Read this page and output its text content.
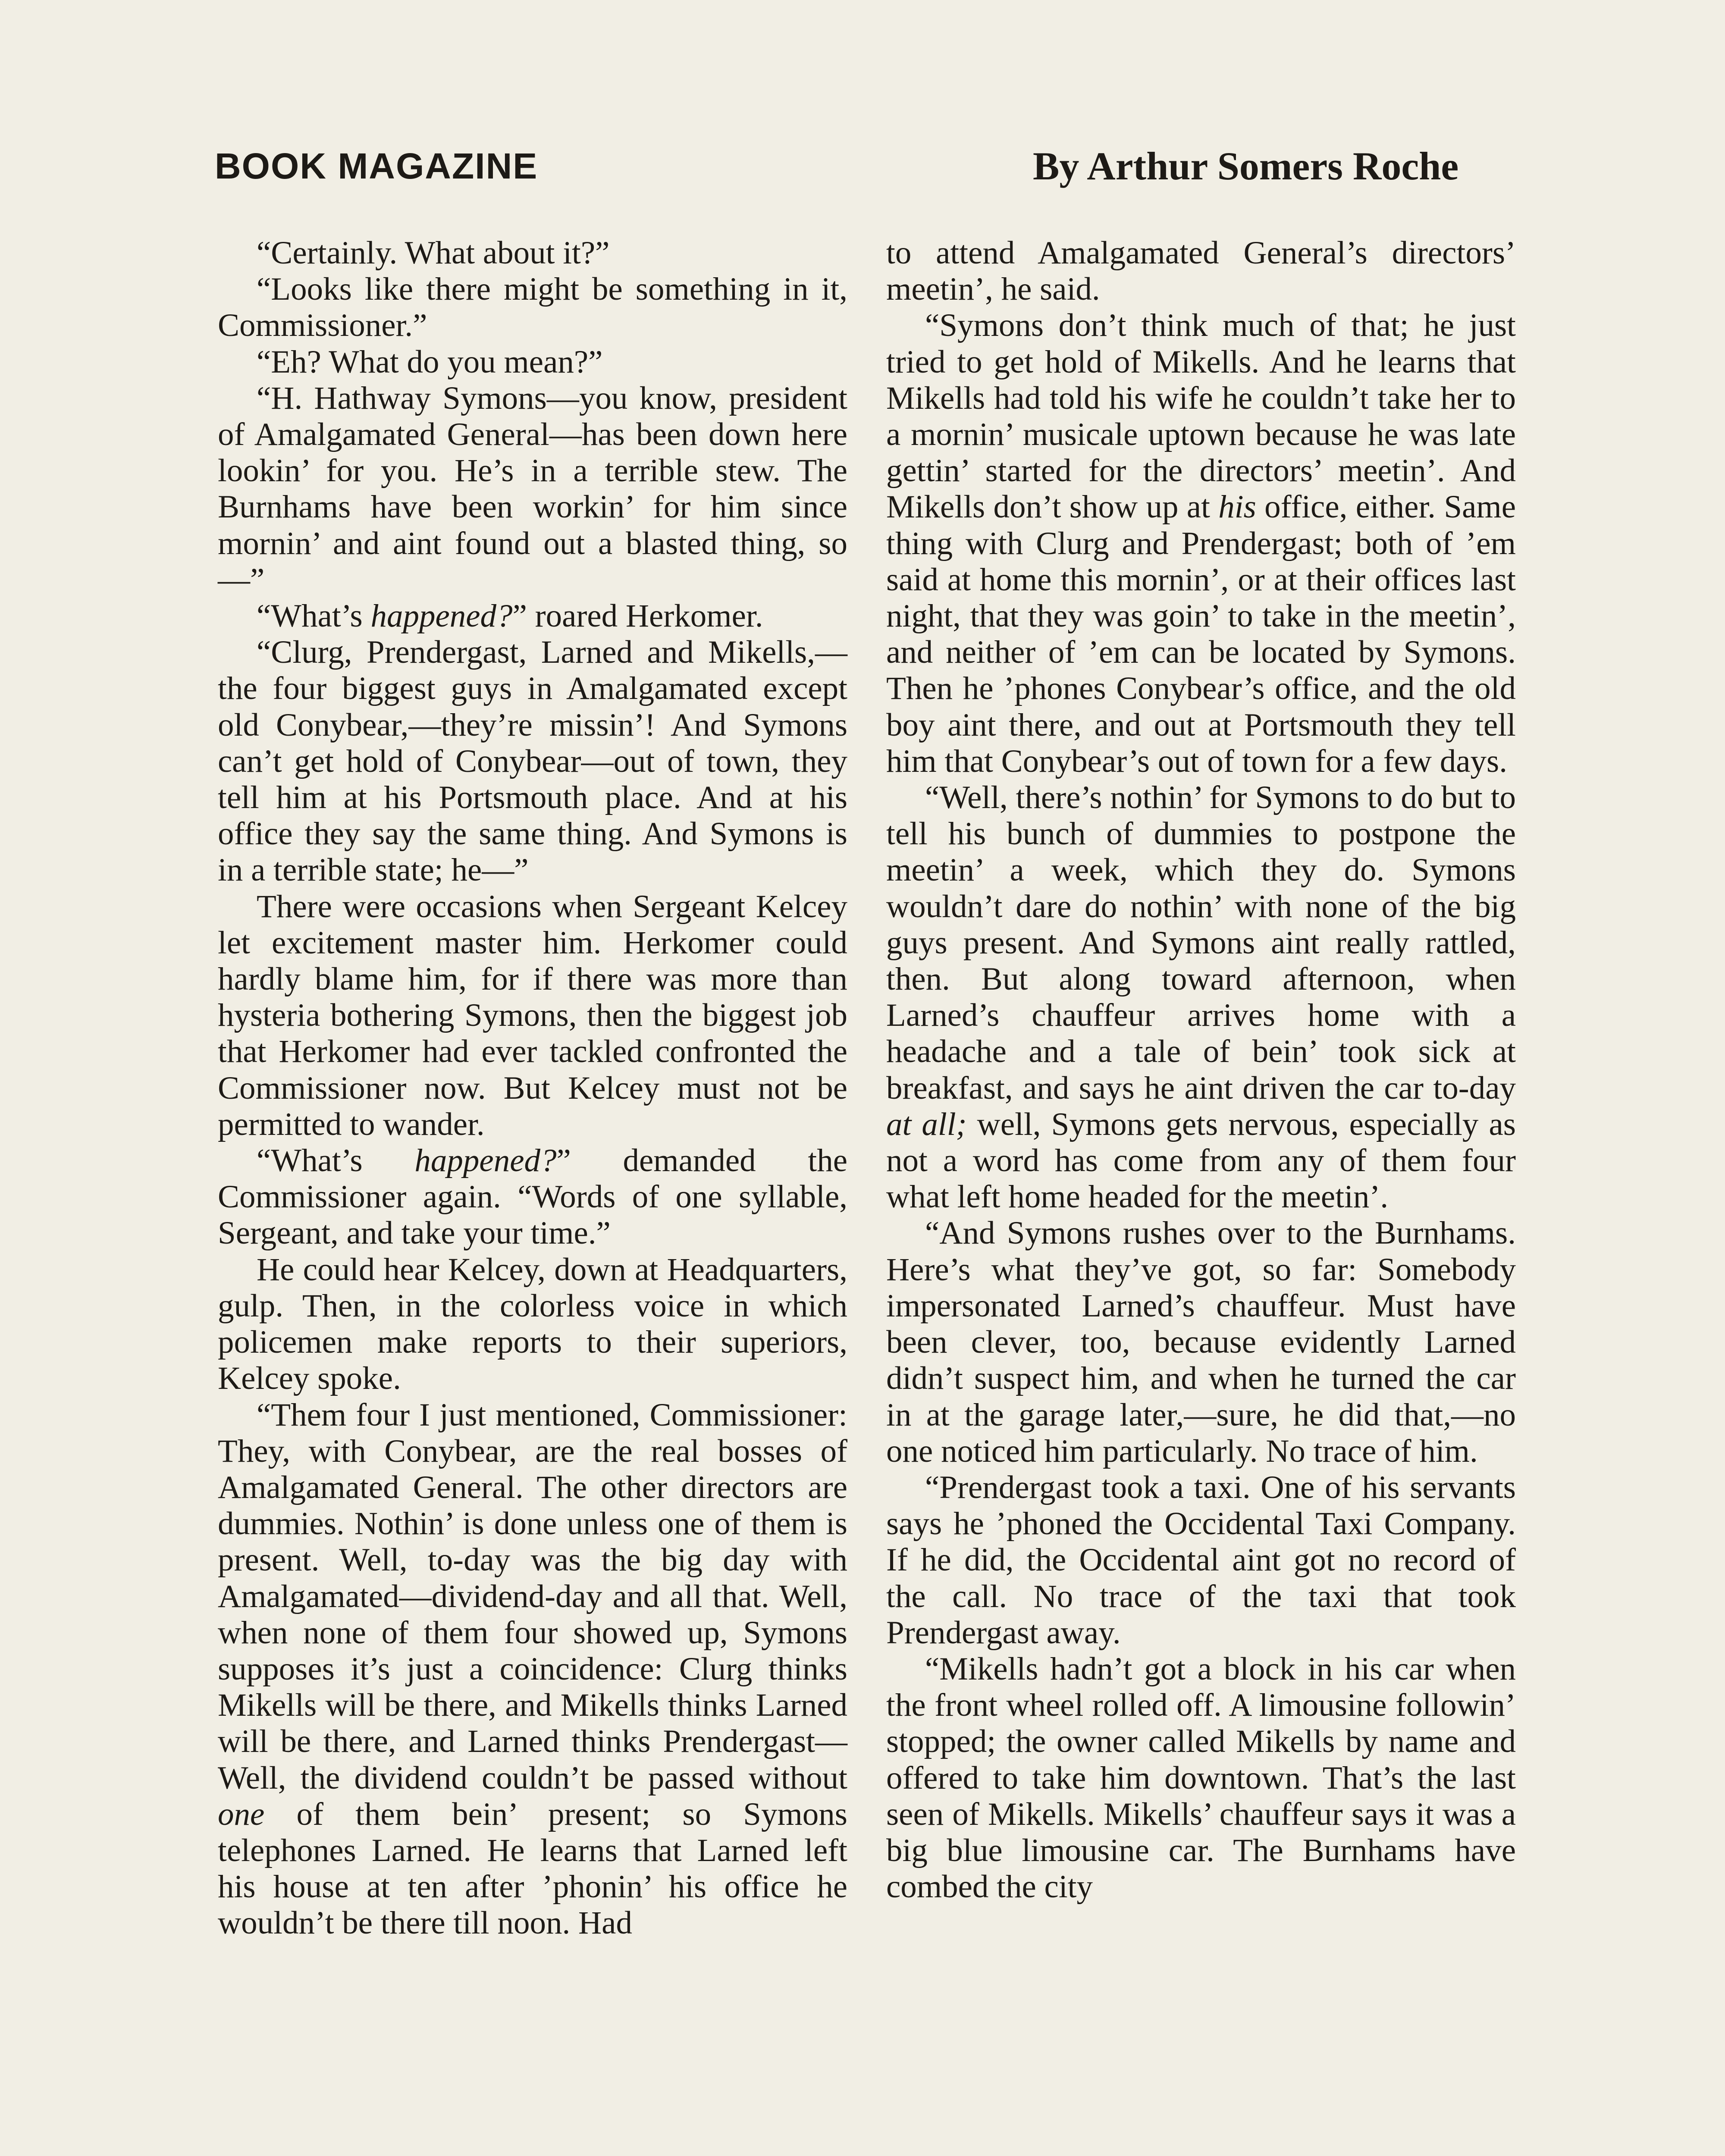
BOOK MAGAZINE	By Arthur Somers Roche

“Certainly. What about it?”

“Looks like there might be something in it, Commissioner.”

“Eh? What do you mean?”

“H. Hathway Symons—you know, president of Amalgamated General—has been down here lookin’ for you. He’s in a terrible stew. The Burnhams have been workin’ for him since mornin’ and aint found out a blasted thing, so—”

“What’s happened?” roared Herkomer.

“Clurg, Prendergast, Larned and Mikells,—the four biggest guys in Amalgamated except old Conybear,—they’re missin’! And Symons can’t get hold of Conybear—out of town, they tell him at his Portsmouth place. And at his office they say the same thing. And Symons is in a terrible state; he—”

There were occasions when Sergeant Kelcey let excitement master him. Herkomer could hardly blame him, for if there was more than hysteria bothering Symons, then the biggest job that Herkomer had ever tackled confronted the Commissioner now. But Kelcey must not be permitted to wander.

“What’s happened?” demanded the Commissioner again. “Words of one syllable, Sergeant, and take your time.”

He could hear Kelcey, down at Headquarters, gulp. Then, in the colorless voice in which policemen make reports to their superiors, Kelcey spoke.

“Them four I just mentioned, Commissioner: They, with Conybear, are the real bosses of Amalgamated General. The other directors are dummies. Nothin’ is done unless one of them is present. Well, to-day was the big day with Amalgamated—dividend-day and all that. Well, when none of them four showed up, Symons supposes it’s just a coincidence: Clurg thinks Mikells will be there, and Mikells thinks Larned will be there, and Larned thinks Prendergast— Well, the dividend couldn’t be passed without one of them bein’ present; so Symons telephones Larned. He learns that Larned left his house at ten after ’phonin’ his office he wouldn’t be there till noon. Had

to attend Amalgamated General’s directors’ meetin’, he said.

“Symons don’t think much of that; he just tried to get hold of Mikells. And he learns that Mikells had told his wife he couldn’t take her to a mornin’ musicale uptown because he was late gettin’ started for the directors’ meetin’. And Mikells don’t show up at his office, either. Same thing with Clurg and Prendergast; both of ’em said at home this mornin’, or at their offices last night, that they was goin’ to take in the meetin’, and neither of ’em can be located by Symons. Then he ’phones Conybear’s office, and the old boy aint there, and out at Portsmouth they tell him that Conybear’s out of town for a few days.

“Well, there’s nothin’ for Symons to do but to tell his bunch of dummies to postpone the meetin’ a week, which they do. Symons wouldn’t dare do nothin’ with none of the big guys present. And Symons aint really rattled, then. But along toward afternoon, when Larned’s chauffeur arrives home with a headache and a tale of bein’ took sick at breakfast, and says he aint driven the car to-day at all; well, Symons gets nervous, especially as not a word has come from any of them four what left home headed for the meetin’.

“And Symons rushes over to the Burnhams. Here’s what they’ve got, so far: Somebody impersonated Larned’s chauffeur. Must have been clever, too, because evidently Larned didn’t suspect him, and when he turned the car in at the garage later,—sure, he did that,—no one noticed him particularly. No trace of him.

“Prendergast took a taxi. One of his servants says he ’phoned the Occidental Taxi Company. If he did, the Occidental aint got no record of the call. No trace of the taxi that took Prendergast away.

“Mikells hadn’t got a block in his car when the front wheel rolled off. A limousine followin’ stopped; the owner called Mikells by name and offered to take him downtown. That’s the last seen of Mikells. Mikells’ chauffeur says it was a big blue limousine car. The Burnhams have combed the city
